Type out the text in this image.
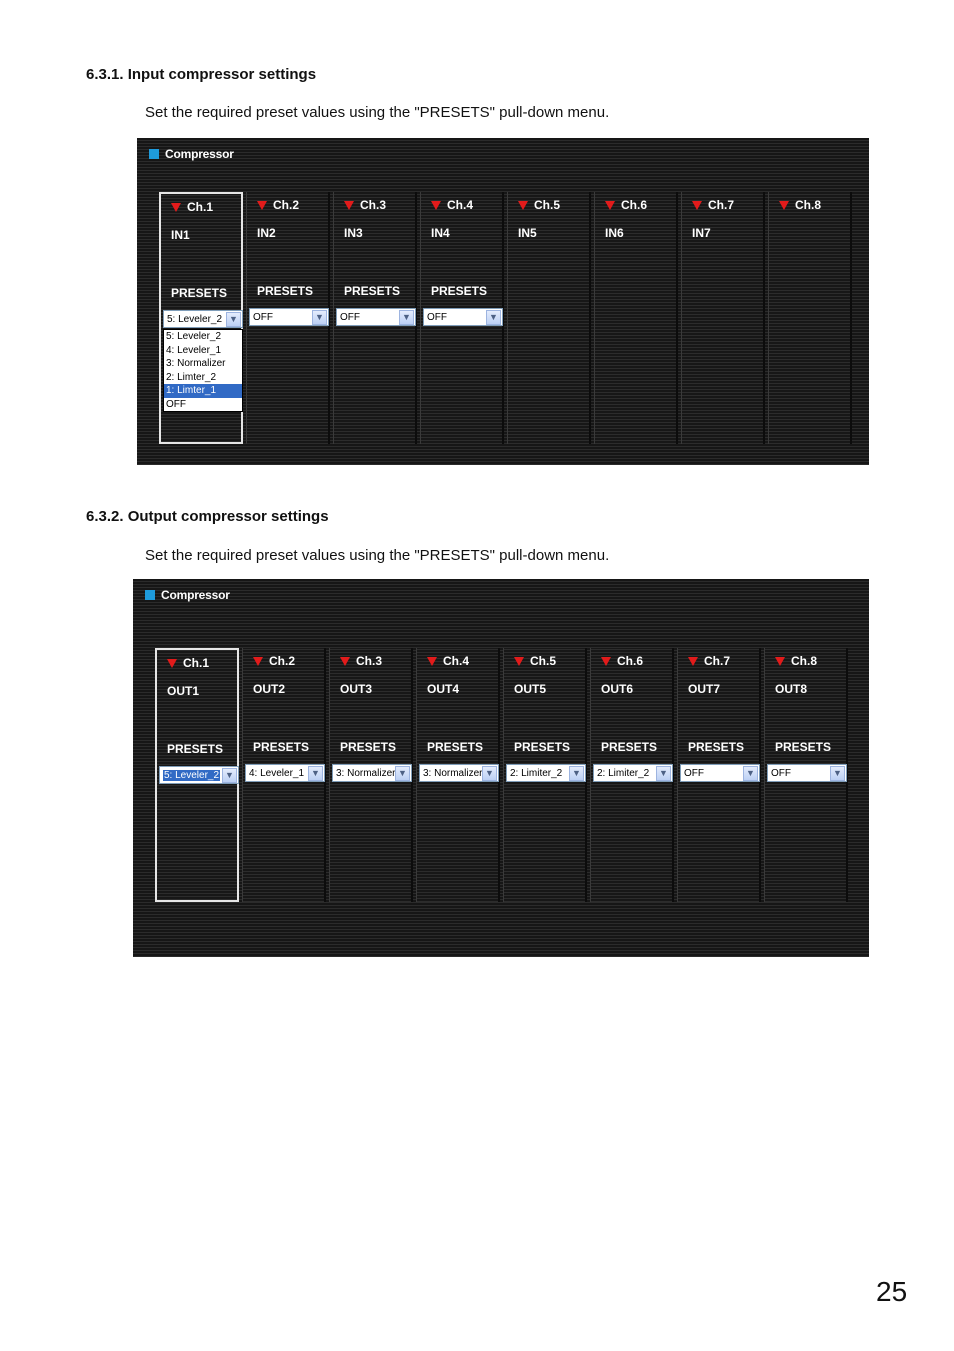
6.3.1. Input compressor settings

Set the required preset values using the "PRESETS" pull-down menu.

Compressor
Ch.1
IN1
PRESETS
5: Leveler_2 ▼
5: Leveler_2
4: Leveler_1
3: Normalizer
2: Limter_2
1: Limter_1
OFF
Ch.2
IN2
PRESETS
OFF	▼
Ch.3
IN3
PRESETS
OFF	▼
Ch.4
IN4
PRESETS
OFF	▼
Ch.5
IN5
Ch.6
IN6
Ch.7
IN7
Ch.8
6.3.2. Output compressor settings

Set the required preset values using the "PRESETS" pull-down menu.

Compressor
Ch.1
OUT1
PRESETS
5: Leveler_2 ▼
Ch.2
OUT2
PRESETS
4: Leveler_1 ▼
Ch.3
OUT3
PRESETS
3: Normalizer ▼
Ch.4
OUT4
PRESETS
3: Normalizer ▼
Ch.5
OUT5
PRESETS
2: Limiter_2	▼
Ch.6
OUT6
PRESETS
2: Limiter_2	▼
Ch.7
OUT7
PRESETS
OFF	▼
Ch.8
OUT8
PRESETS
OFF	▼
25
